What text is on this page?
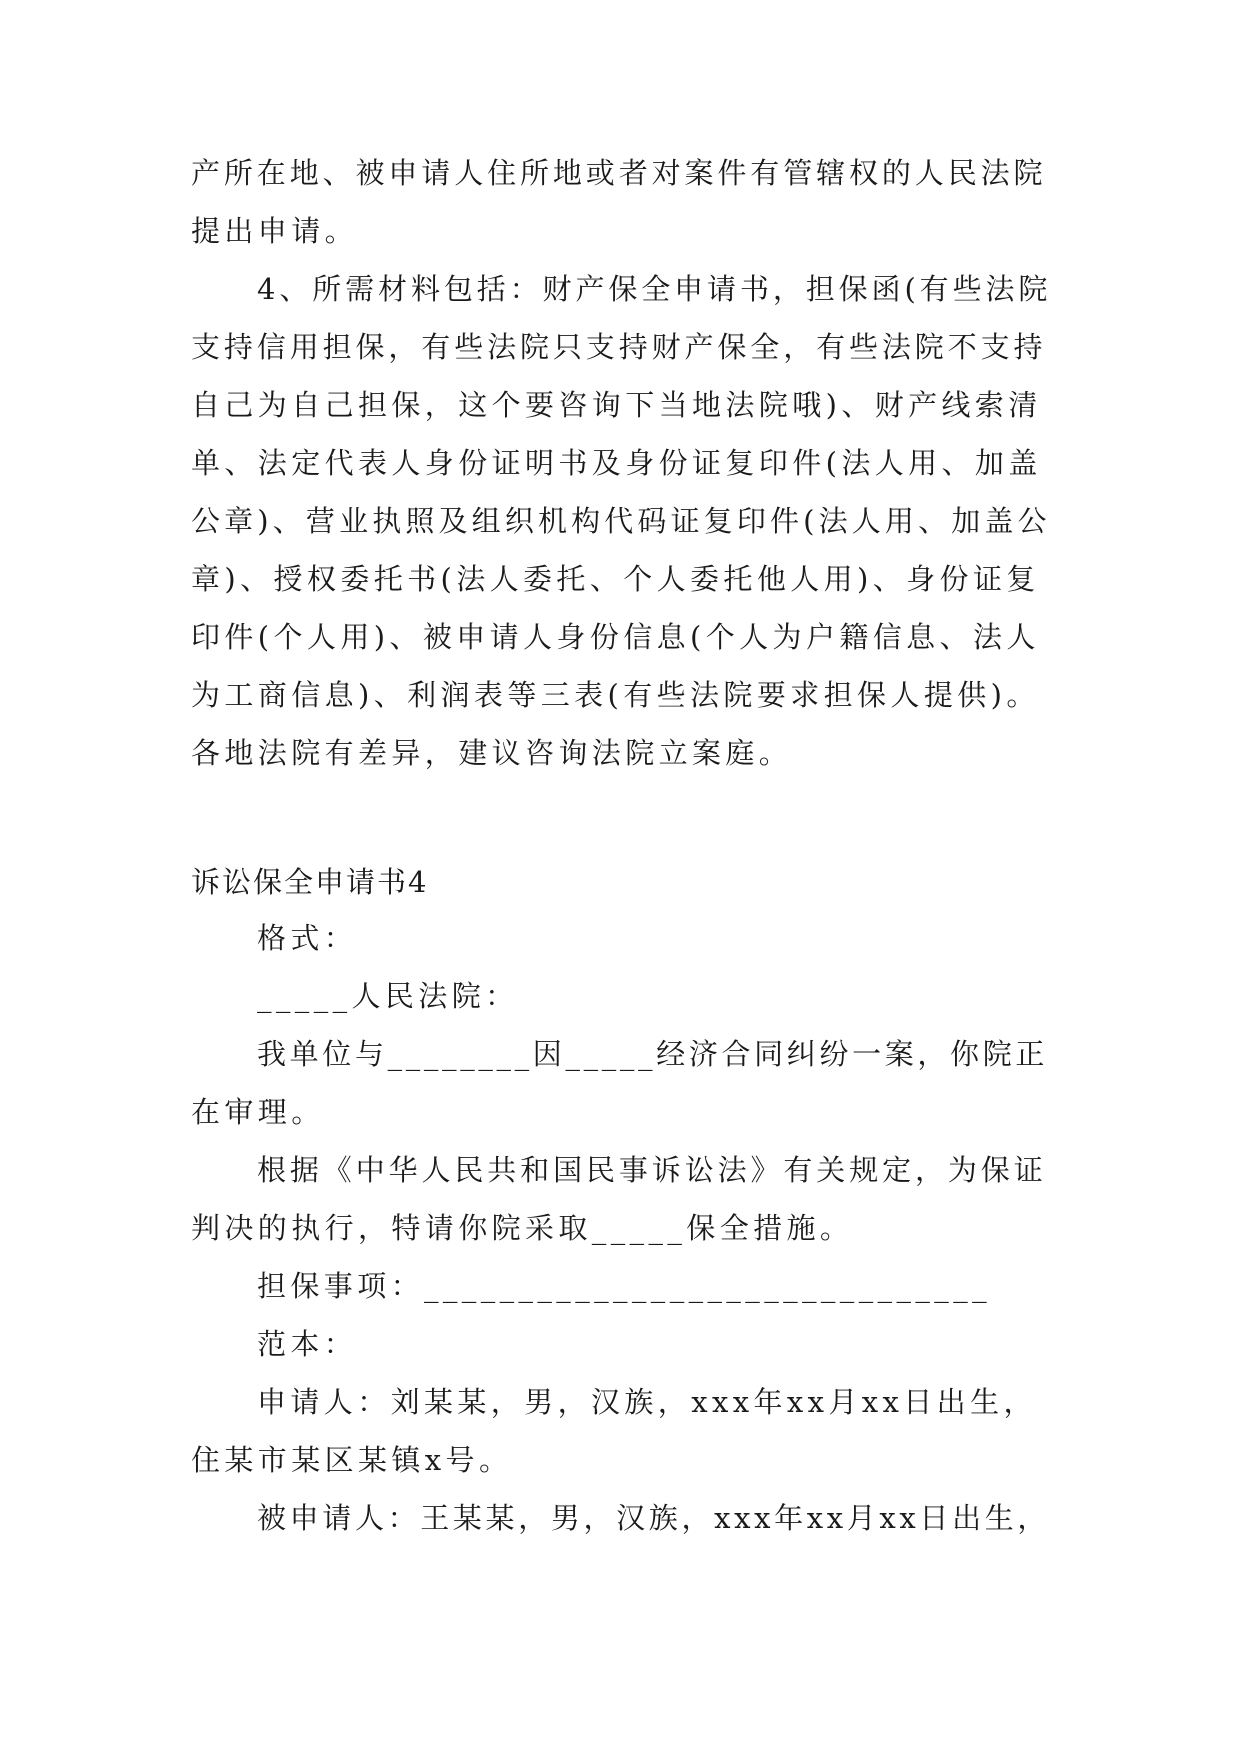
产所在地、被申请人住所地或者对案件有管辖权的人民法院
提出申请。
4、所需材料包括：财产保全申请书，担保函(有些法院
支持信用担保，有些法院只支持财产保全，有些法院不支持
自己为自己担保，这个要咨询下当地法院哦)、财产线索清
单、法定代表人身份证明书及身份证复印件(法人用、加盖
公章)、营业执照及组织机构代码证复印件(法人用、加盖公
章)、授权委托书(法人委托、个人委托他人用)、身份证复
印件(个人用)、被申请人身份信息(个人为户籍信息、法人
为工商信息)、利润表等三表(有些法院要求担保人提供)。
各地法院有差异，建议咨询法院立案庭。
诉讼保全申请书4
格式：
_____人民法院：
我单位与________因_____经济合同纠纷一案，你院正
在审理。
根据《中华人民共和国民事诉讼法》有关规定，为保证
判决的执行，特请你院采取_____保全措施。
担保事项：______________________________
范本：
申请人：刘某某，男，汉族，xxx年xx月xx日出生，
住某市某区某镇x号。
被申请人：王某某，男，汉族，xxx年xx月xx日出生，
